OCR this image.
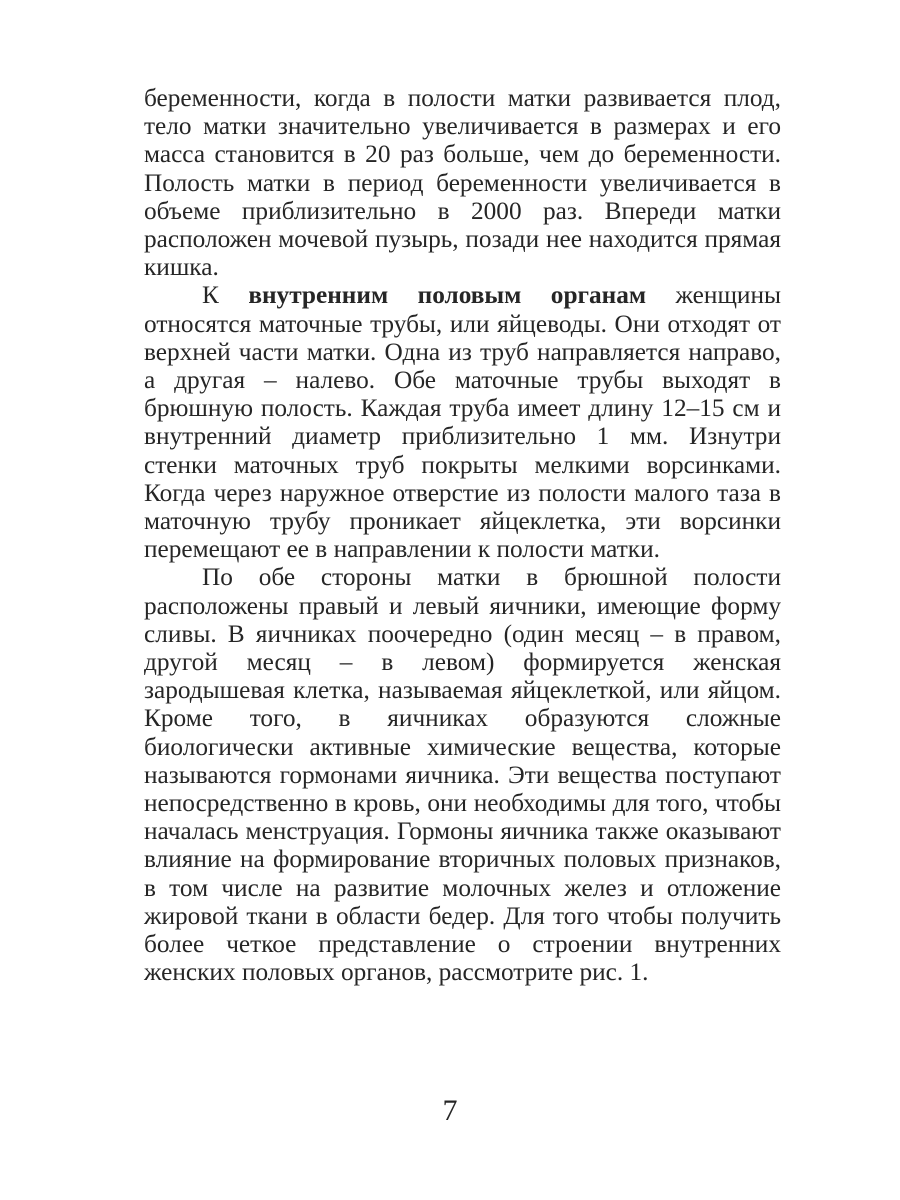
беременности, когда в полости матки развивается плод, тело матки значительно увеличивается в размерах и его масса становится в 20 раз больше, чем до беременности. Полость матки в период беременности увеличивается в объеме приблизительно в 2000 раз. Впереди матки расположен мочевой пузырь, позади нее находится прямая кишка.

К внутренним половым органам женщины относятся маточные трубы, или яйцеводы. Они отходят от верхней части матки. Одна из труб направляется направо, а другая – налево. Обе маточные трубы выходят в брюшную полость. Каждая труба имеет длину 12–15 см и внутренний диаметр приблизительно 1 мм. Изнутри стенки маточных труб покрыты мелкими ворсинками. Когда через наружное отверстие из полости малого таза в маточную трубу проникает яйцеклетка, эти ворсинки перемещают ее в направлении к полости матки.

По обе стороны матки в брюшной полости расположены правый и левый яичники, имеющие форму сливы. В яичниках поочередно (один месяц – в правом, другой месяц – в левом) формируется женская зародышевая клетка, называемая яйцеклеткой, или яйцом. Кроме того, в яичниках образуются сложные биологически активные химические вещества, которые называются гормонами яичника. Эти вещества поступают непосредственно в кровь, они необходимы для того, чтобы началась менструация. Гормоны яичника также оказывают влияние на формирование вторичных половых признаков, в том числе на развитие молочных желез и отложение жировой ткани в области бедер. Для того чтобы получить более четкое представление о строении внутренних женских половых органов, рассмотрите рис. 1.

7
